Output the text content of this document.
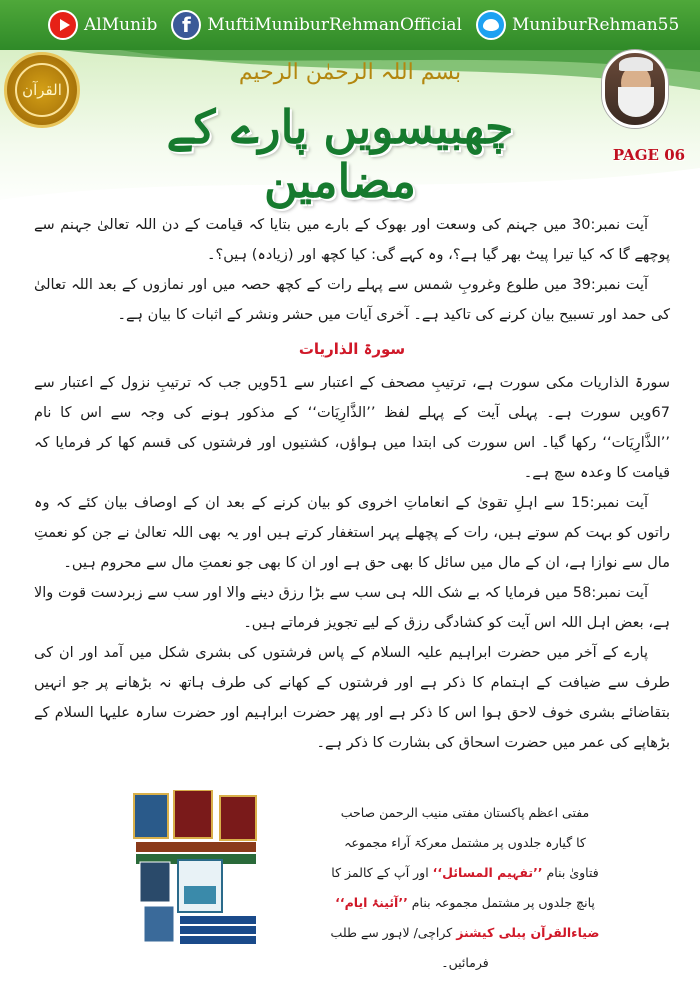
AlMunib f MuftiMuniburRehmanOfficial	MuniburRehman55
القرآن
بسم اللہ الرحمٰن الرحیم
چھبیسویں پارے کے مضامین	PAGE 06

آیت نمبر:30 میں جہنم کی وسعت اور بھوک کے بارے میں بتایا کہ قیامت کے دن اللہ تعالیٰ جہنم سے پوچھے گا کہ کیا تیرا پیٹ بھر گیا ہے؟، وہ کہے گی: کیا کچھ اور (زیادہ) ہیں؟۔

آیت نمبر:39 میں طلوع وغروبِ شمس سے پہلے رات کے کچھ حصہ میں اور نمازوں کے بعد اللہ تعالیٰ کی حمد اور تسبیح بیان کرنے کی تاکید ہے۔ آخری آیات میں حشر ونشر کے اثبات کا بیان ہے۔

سورۃ الذاریات

سورۃ الذاریات مکی سورت ہے، ترتیبِ مصحف کے اعتبار سے 51ویں جب کہ ترتیبِ نزول کے اعتبار سے 67ویں سورت ہے۔ پہلی آیت کے پہلے لفظ ’’الذَّارِیَات‘‘ کے مذکور ہونے کی وجہ سے اس کا نام ’’الذَّارِیَات‘‘ رکھا گیا۔ اس سورت کی ابتدا میں ہواؤں، کشتیوں اور فرشتوں کی قسم کھا کر فرمایا کہ قیامت کا وعدہ سچ ہے۔

آیت نمبر:15 سے اہلِ تقویٰ کے انعاماتِ اخروی کو بیان کرنے کے بعد ان کے اوصاف بیان کئے کہ وہ راتوں کو بہت کم سوتے ہیں، رات کے پچھلے پہر استغفار کرتے ہیں اور یہ بھی اللہ تعالیٰ نے جن کو نعمتِ مال سے نوازا ہے، ان کے مال میں سائل کا بھی حق ہے اور ان کا بھی جو نعمتِ مال سے محروم ہیں۔

آیت نمبر:58 میں فرمایا کہ بے شک اللہ ہی سب سے بڑا رزق دینے والا اور سب سے زبردست قوت والا ہے، بعض اہل اللہ اس آیت کو کشادگی رزق کے لیے تجویز فرماتے ہیں۔

پارے کے آخر میں حضرت ابراہیم علیہ السلام کے پاس فرشتوں کی بشری شکل میں آمد اور ان کی طرف سے ضیافت کے اہتمام کا ذکر ہے اور فرشتوں کے کھانے کی طرف ہاتھ نہ بڑھانے پر جو انہیں بتقاضائے بشری خوف لاحق ہوا اس کا ذکر ہے اور پھر حضرت ابراہیم اور حضرت سارہ علیہا السلام کے بڑھاپے کی عمر میں حضرت اسحاق کی بشارت کا ذکر ہے۔

مفتی اعظم پاکستان مفتی منیب الرحمن صاحب
کا گیارہ جلدوں پر مشتمل معرکۃ آراء مجموعہ
فتاویٰ بنام ’’تفہیم المسائل‘‘ اور آپ کے کالمز کا
پانچ جلدوں پر مشتمل مجموعہ بنام ’’آئینۂ ایام‘‘
ضیاءالقرآن پبلی کیشنز کراچی/ لاہور سے طلب فرمائیں۔
